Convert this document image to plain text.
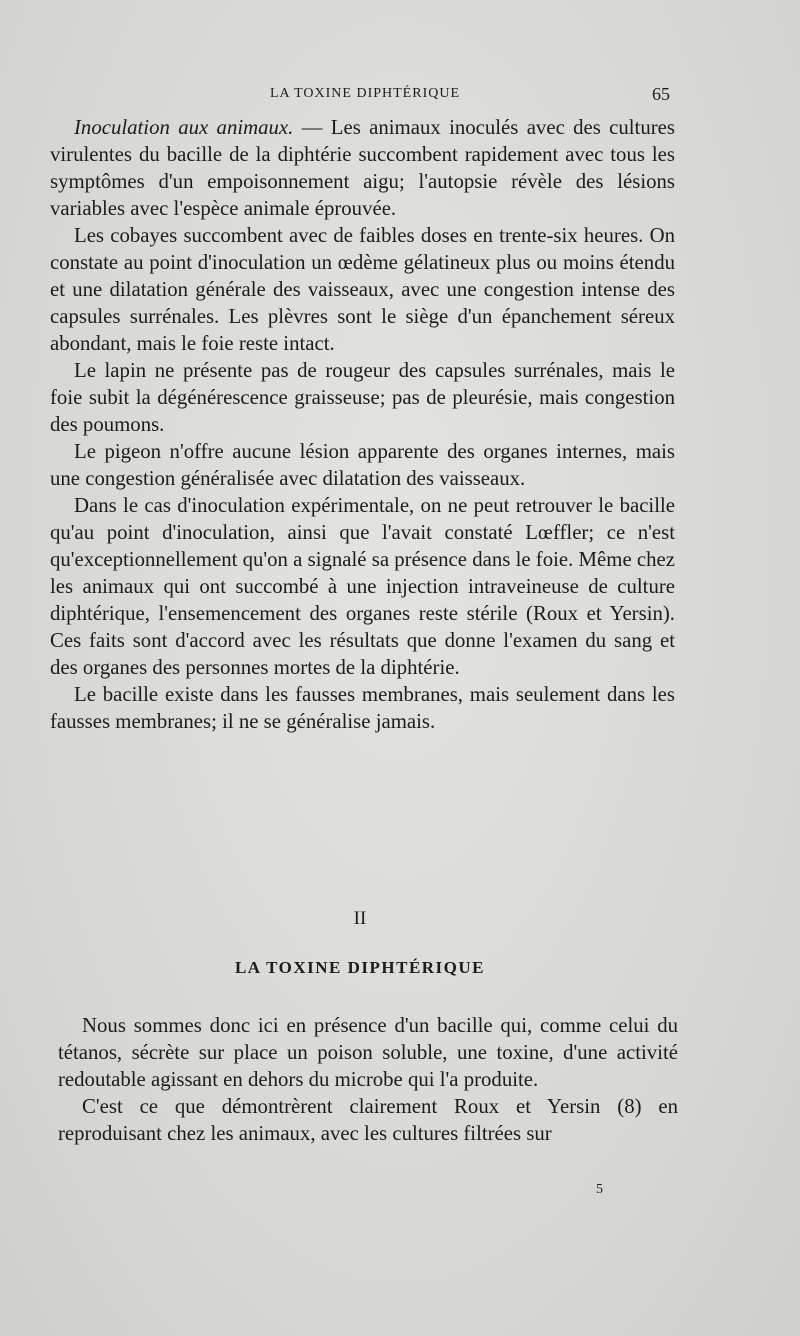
LA TOXINE DIPHTÉRIQUE	65

Inoculation aux animaux. — Les animaux inoculés avec des cultures virulentes du bacille de la diphtérie succombent rapidement avec tous les symptômes d'un empoisonnement aigu; l'autopsie révèle des lésions variables avec l'espèce animale éprouvée.

Les cobayes succombent avec de faibles doses en trente-six heures. On constate au point d'inoculation un œdème gélatineux plus ou moins étendu et une dilatation générale des vaisseaux, avec une congestion intense des capsules surrénales. Les plèvres sont le siège d'un épanchement séreux abondant, mais le foie reste intact.

Le lapin ne présente pas de rougeur des capsules surrénales, mais le foie subit la dégénérescence graisseuse; pas de pleurésie, mais congestion des poumons.

Le pigeon n'offre aucune lésion apparente des organes internes, mais une congestion généralisée avec dilatation des vaisseaux.

Dans le cas d'inoculation expérimentale, on ne peut retrouver le bacille qu'au point d'inoculation, ainsi que l'avait constaté Lœffler; ce n'est qu'exceptionnellement qu'on a signalé sa présence dans le foie. Même chez les animaux qui ont succombé à une injection intraveineuse de culture diphtérique, l'ensemencement des organes reste stérile (Roux et Yersin). Ces faits sont d'accord avec les résultats que donne l'examen du sang et des organes des personnes mortes de la diphtérie.

Le bacille existe dans les fausses membranes, mais seulement dans les fausses membranes; il ne se généralise jamais.

II
LA TOXINE DIPHTÉRIQUE

Nous sommes donc ici en présence d'un bacille qui, comme celui du tétanos, sécrète sur place un poison soluble, une toxine, d'une activité redoutable agissant en dehors du microbe qui l'a produite.

C'est ce que démontrèrent clairement Roux et Yersin (8) en reproduisant chez les animaux, avec les cultures filtrées sur

5
